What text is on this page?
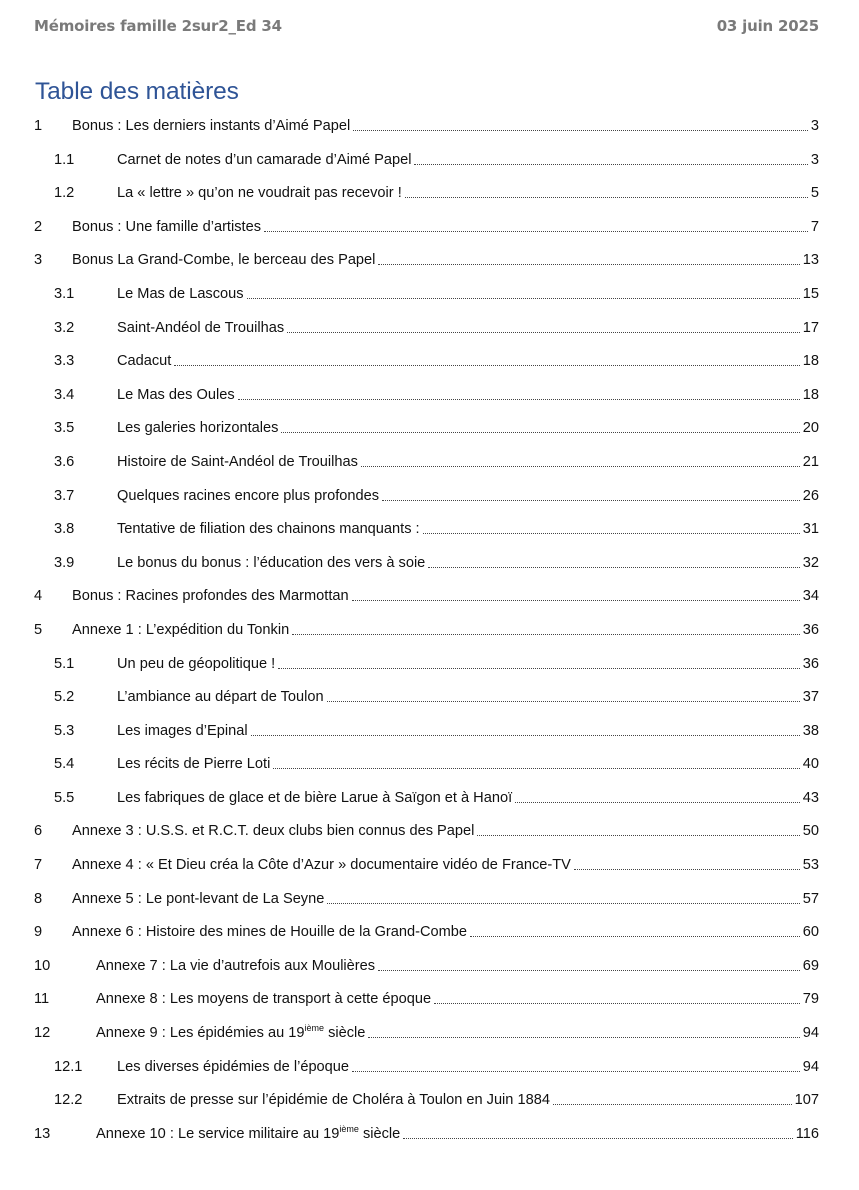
Mémoires famille 2sur2_Ed 34	03 juin 2025
Table des matières
1	Bonus : Les derniers instants d’Aimé Papel	3
1.1	Carnet de notes d’un camarade d’Aimé Papel	3
1.2	La « lettre » qu’on ne voudrait pas recevoir !	5
2	Bonus : Une famille d’artistes	7
3	Bonus La Grand-Combe, le berceau des Papel	13
3.1	Le Mas de Lascous	15
3.2	Saint-Andéol de Trouilhas	17
3.3	Cadacut	18
3.4	Le Mas des Oules	18
3.5	Les galeries horizontales	20
3.6	Histoire de Saint-Andéol de Trouilhas	21
3.7	Quelques racines encore plus profondes	26
3.8	Tentative de filiation des chainons manquants :	31
3.9	Le bonus du bonus : l’éducation des vers à soie	32
4	Bonus : Racines profondes des Marmottan	34
5	Annexe 1 : L’expédition du Tonkin	36
5.1	Un peu de géopolitique !	36
5.2	L’ambiance au départ de Toulon	37
5.3	Les images d’Epinal	38
5.4	Les récits de Pierre Loti	40
5.5	Les fabriques de glace et de bière Larue à Saïgon et à Hanoï	43
6	Annexe 3 : U.S.S. et R.C.T. deux clubs bien connus des Papel	50
7	Annexe 4 : « Et Dieu créa la Côte d’Azur » documentaire vidéo de France-TV	53
8	Annexe 5 : Le pont-levant de La Seyne	57
9	Annexe 6 : Histoire des mines de Houille de la Grand-Combe	60
10	Annexe 7 : La vie d’autrefois aux Moulières	69
11	Annexe 8 : Les moyens de transport à cette époque	79
12	Annexe 9 : Les épidémies au 19ième siècle	94
12.1	Les diverses épidémies de l’époque	94
12.2	Extraits de presse sur l’épidémie de Choléra à Toulon en Juin 1884	107
13	Annexe 10 : Le service militaire au 19ième siècle	116
